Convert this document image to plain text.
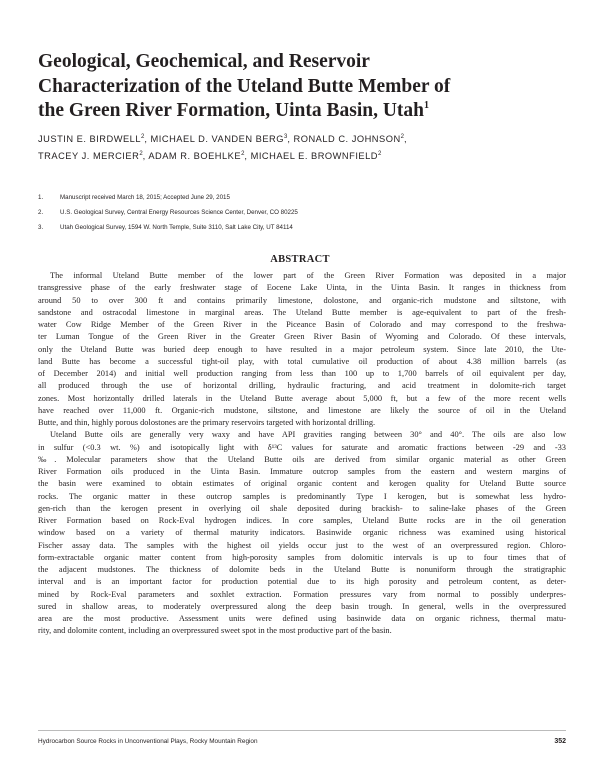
Geological, Geochemical, and Reservoir
Characterization of the Uteland Butte Member of
the Green River Formation, Uinta Basin, Utah$^1$
JUSTIN E. BIRDWELL$^2$, MICHAEL D. VANDEN BERG$^3$, RONALD C. JOHNSON$^2$,
TRACEY J. MERCIER$^2$, ADAM R. BOEHLKE$^2$, MICHAEL E. BROWNFIELD$^2$
1.	Manuscript received March 18, 2015; Accepted June 29, 2015
2.	U.S. Geological Survey, Central Energy Resources Science Center, Denver, CO 80225
3.	Utah Geological Survey, 1594 W. North Temple, Suite 3110, Salt Lake City, UT 84114
ABSTRACT

The informal Uteland Butte member of the lower part of the Green River Formation was deposited in a major
transgressive phase of the early freshwater stage of Eocene Lake Uinta, in the Uinta Basin. It ranges in thickness from
around 50 to over 300 ft and contains primarily limestone, dolostone, and organic-rich mudstone and siltstone, with
sandstone and ostracodal limestone in marginal areas. The Uteland Butte member is age-equivalent to part of the fresh-
water Cow Ridge Member of the Green River in the Piceance Basin of Colorado and may correspond to the freshwa-
ter Luman Tongue of the Green River in the Greater Green River Basin of Wyoming and Colorado. Of these intervals,
only the Uteland Butte was buried deep enough to have resulted in a major petroleum system. Since late 2010, the Ute-
land Butte has become a successful tight-oil play, with total cumulative oil production of about 4.38 million barrels (as
of December 2014) and initial well production ranging from less than 100 up to 1,700 barrels of oil equivalent per day,
all produced through the use of horizontal drilling, hydraulic fracturing, and acid treatment in dolomite-rich target
zones. Most horizontally drilled laterals in the Uteland Butte average about 5,000 ft, but a few of the more recent wells
have reached over 11,000 ft. Organic-rich mudstone, siltstone, and limestone are likely the source of oil in the Uteland
Butte, and thin, highly porous dolostones are the primary reservoirs targeted with horizontal drilling.

Uteland Butte oils are generally very waxy and have API gravities ranging between 30° and 40°. The oils are also low
in sulfur (<0.3 wt. %) and isotopically light with δ¹³C values for saturate and aromatic fractions between -29 and -33
‰. Molecular parameters show that the Uteland Butte oils are derived from similar organic material as other Green
River Formation oils produced in the Uinta Basin. Immature outcrop samples from the eastern and western margins of
the basin were examined to obtain estimates of original organic content and kerogen quality for Uteland Butte source
rocks. The organic matter in these outcrop samples is predominantly Type I kerogen, but is somewhat less hydro-
gen-rich than the kerogen present in overlying oil shale deposited during brackish- to saline-lake phases of the Green
River Formation based on Rock-Eval hydrogen indices. In core samples, Uteland Butte rocks are in the oil generation
window based on a variety of thermal maturity indicators. Basinwide organic richness was examined using historical
Fischer assay data. The samples with the highest oil yields occur just to the west of an overpressured region. Chloro-
form-extractable organic matter content from high-porosity samples from dolomitic intervals is up to four times that of
the adjacent mudstones. The thickness of dolomite beds in the Uteland Butte is nonuniform through the stratigraphic
interval and is an important factor for production potential due to its high porosity and petroleum content, as deter-
mined by Rock-Eval parameters and soxhlet extraction. Formation pressures vary from normal to possibly underpres-
sured in shallow areas, to moderately overpressured along the deep basin trough. In general, wells in the overpressured
area are the most productive. Assessment units were defined using basinwide data on organic richness, thermal matu-
rity, and dolomite content, including an overpressured sweet spot in the most productive part of the basin.

Hydrocarbon Source Rocks in Unconventional Plays, Rocky Mountain Region	352
